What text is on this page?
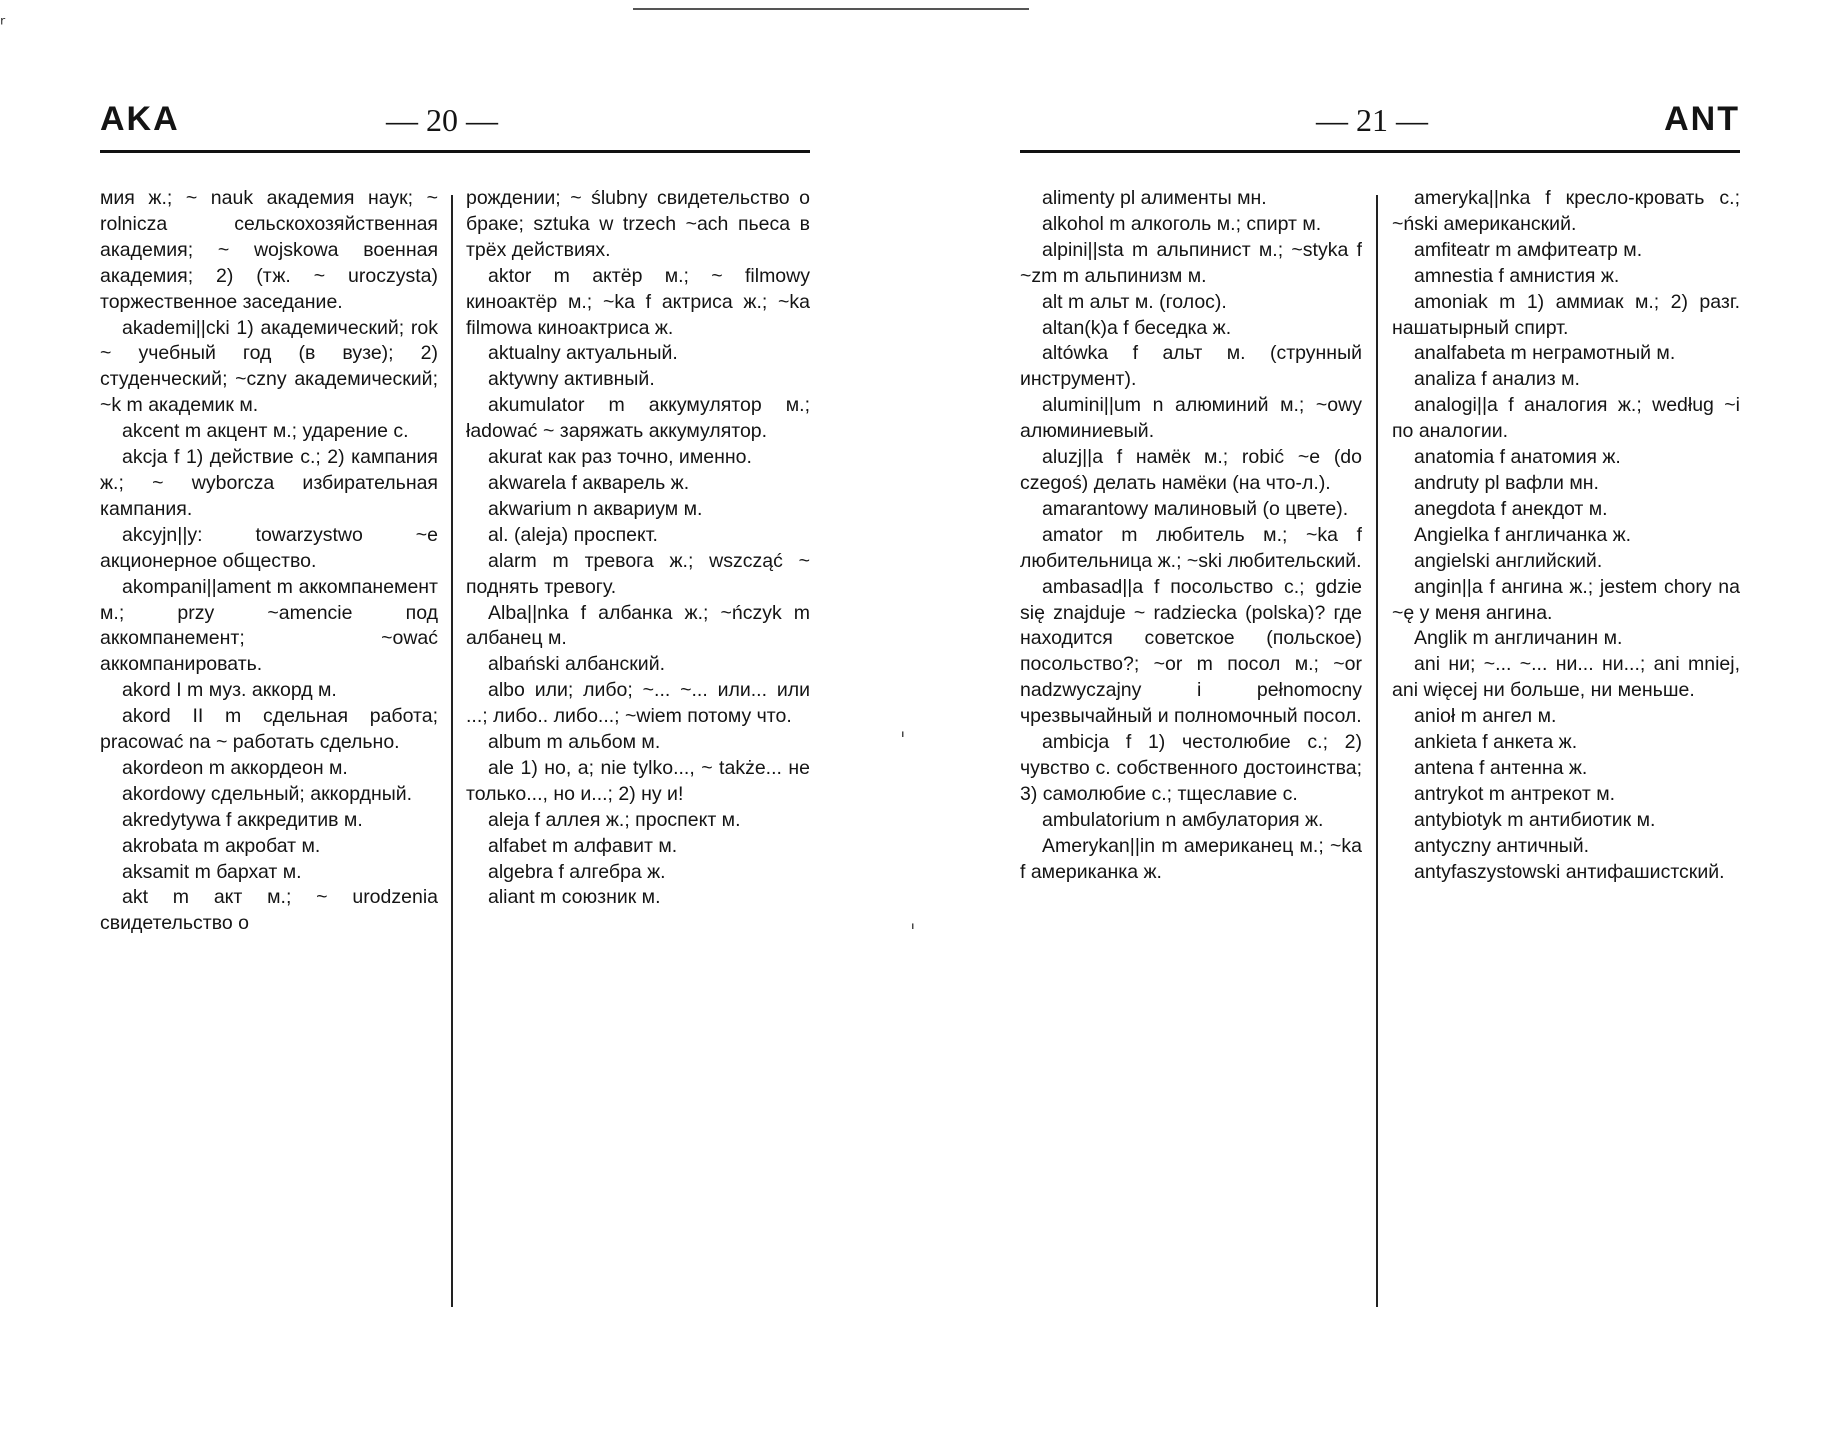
ʳ
ˌ
ˈ
AKA	— 20 —

мия ж.; ~ nauk академия наук; ~ rolnicza сельскохозяйственная академия; ~ wojskowa военная академия; 2) (тж. ~ uroczysta) торжественное заседание.

akademi||cki 1) академический; rok ~ учебный год (в вузе); 2) студенческий; ~czny академический; ~k m академик м.

akcent m акцент м.; ударение с.

akcja f 1) действие с.; 2) кампания ж.; ~ wyborcza избирательная кампания.

akcyjn||y: towarzystwo ~e акционерное общество.

akompani||ament m аккомпанемент м.; przy ~amencie под аккомпанемент; ~ować аккомпанировать.

akord I m муз. аккорд м.

akord II m сдельная работа; pracować na ~ работать сдельно.

akordeon m аккордеон м.

akordowy сдельный; аккордный.

akredytywa f аккредитив м.

akrobata m акробат м.

aksamit m бархат м.

akt m акт м.; ~ urodzenia свидетельство о

рождении; ~ ślubny свидетельство о браке; sztuka w trzech ~ach пьеса в трёх действиях.

aktor m актёр м.; ~ filmowy киноактёр м.; ~ka f актриса ж.; ~ka filmowa киноактриса ж.

aktualny актуальный.

aktywny активный.

akumulator m аккумулятор м.; ładować ~ заряжать аккумулятор.

akurat как раз точно, именно.

akwarela f акварель ж.

akwarium n аквариум м.

al. (aleja) проспект.

alarm m тревога ж.; wszcząć ~ поднять тревогу.

Alba||nka f албанка ж.; ~ńczyk m албанец м.

albański албанский.

albo или; либо; ~... ~... или... или ...; либо.. либо...; ~wiem потому что.

album m альбом м.

ale 1) но, а; nie tylko..., ~ także... не только..., но и...; 2) ну и!

aleja f аллея ж.; проспект м.

alfabet m алфавит м.

algebra f алгебра ж.

aliant m союзник м.

— 21 —	ANT

alimenty pl алименты мн.

alkohol m алкоголь м.; спирт м.

alpini||sta m альпинист м.; ~styka f ~zm m альпинизм м.

alt m альт м. (голос).

altan(k)a f беседка ж.

altówka f альт м. (струнный инструмент).

alumini||um n алюминий м.; ~owy алюминиевый.

aluzj||a f намёк м.; robić ~e (do czegoś) делать намёки (на что-л.).

amarantowy малиновый (о цвете).

amator m любитель м.; ~ka f любительница ж.; ~ski любительский.

ambasad||a f посольство с.; gdzie się znajduje ~ radziecka (polska)? где находится советское (польское) посольство?; ~or m посол м.; ~or nadzwyczajny i pełnomocny чрезвычайный и полномочный посол.

ambicja f 1) честолюбие с.; 2) чувство с. собственного достоинства; 3) самолюбие с.; тщеславие с.

ambulatorium n амбулатория ж.

Amerykan||in m американец м.; ~ka f американка ж.

amerykа||nka f кресло-кровать с.; ~ński американский.

amfiteatr m амфитеатр м.

amnestia f амнистия ж.

amoniak m 1) аммиак м.; 2) разг. нашатырный спирт.

analfabeta m неграмотный м.

analiza f анализ м.

analogi||a f аналогия ж.; według ~i по аналогии.

anatomia f анатомия ж.

andruty pl вафли мн.

anegdota f анекдот м.

Angielka f англичанка ж.

angielski английский.

angin||a f ангина ж.; jestem chory na ~ę у меня ангина.

Anglik m англичанин м.

ani ни; ~... ~... ни... ни...; ani mniej, ani więcej ни больше, ни меньше.

anioł m ангел м.

ankieta f анкета ж.

antena f антенна ж.

antrykot m антрекот м.

antybiotyk m антибиотик м.

antyczny античный.

antyfaszystowski антифашистский.
